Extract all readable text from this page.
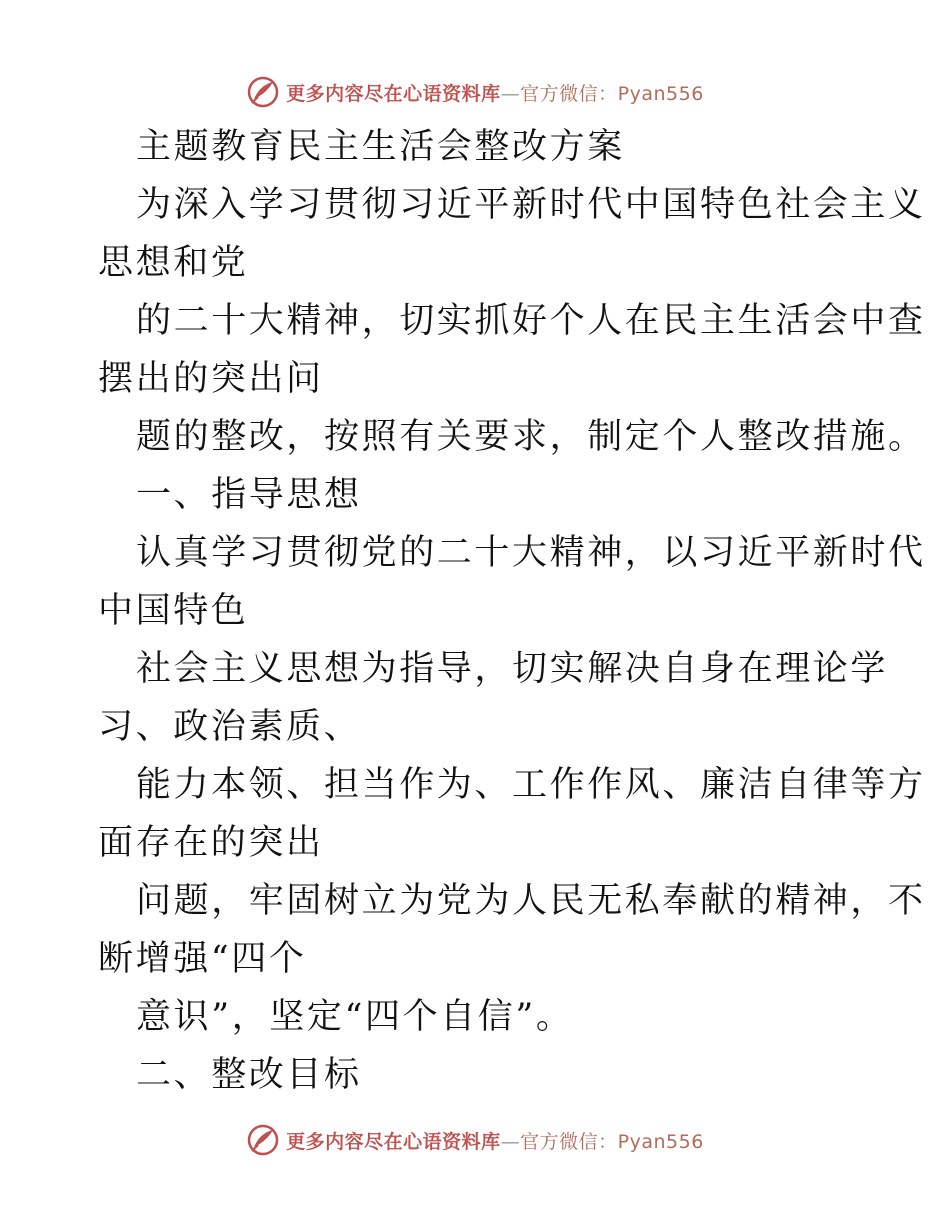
更多内容尽在心语资料库—官方微信：Pyan556
主题教育民主生活会整改方案
为深入学习贯彻习近平新时代中国特色社会主义
思想和党
的二十大精神，切实抓好个人在民主生活会中查
摆出的突出问
题的整改，按照有关要求，制定个人整改措施。
一、指导思想
认真学习贯彻党的二十大精神，以习近平新时代
中国特色
社会主义思想为指导，切实解决自身在理论学
习、政治素质、
能力本领、担当作为、工作作风、廉洁自律等方
面存在的突出
问题，牢固树立为党为人民无私奉献的精神，不
断增强“四个
意识”，坚定“四个自信”。
二、整改目标
更多内容尽在心语资料库—官方微信：Pyan556
